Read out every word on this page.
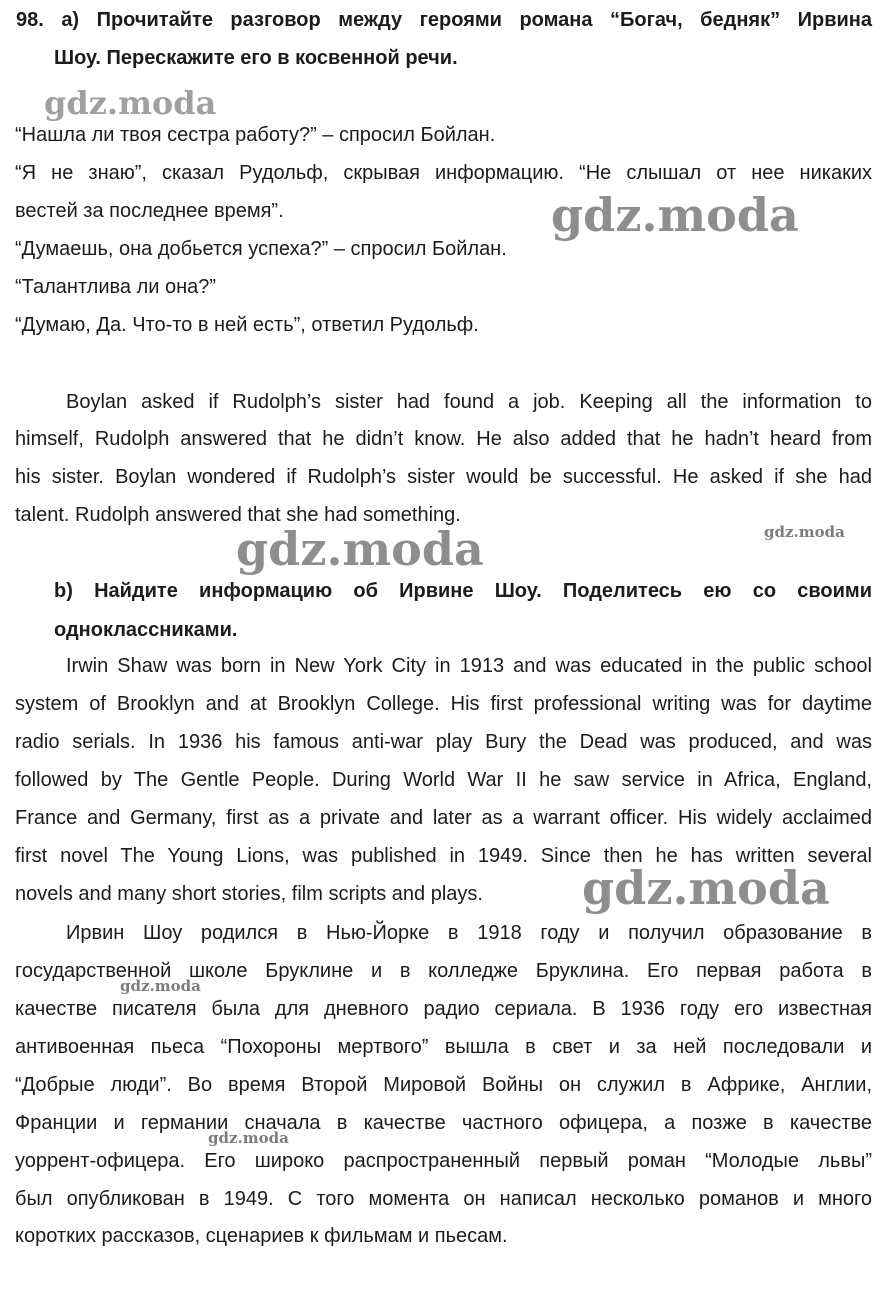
98. а) Прочитайте разговор между героями романа “Богач, бедняк” Ирвина
Шоу. Перескажите его в косвенной речи.
“Нашла ли твоя сестра работу?” – спросил Бойлан.
“Я не знаю”, сказал Рудольф, скрывая информацию. “Не слышал от нее никаких
вестей за последнее время”.
“Думаешь, она добьется успеха?” – спросил Бойлан.
“Талантлива ли она?”
“Думаю, Да. Что-то в ней есть”, ответил Рудольф.
Boylan asked if Rudolph’s sister had found a job. Keeping all the information to
himself, Rudolph answered that he didn’t know. He also added that he hadn’t heard from
his sister. Boylan wondered if Rudolph’s sister would be successful. He asked if she had
talent. Rudolph answered that she had something.
b) Найдите информацию об Ирвине Шоу. Поделитесь ею со своими
одноклассниками.
Irwin Shaw was born in New York City in 1913 and was educated in the public school
system of Brooklyn and at Brooklyn College. His first professional writing was for daytime
radio serials. In 1936 his famous anti-war play Bury the Dead was produced, and was
followed by The Gentle People. During World War II he saw service in Africa, England,
France and Germany, first as a private and later as a warrant officer. His widely acclaimed
first novel The Young Lions, was published in 1949. Since then he has written several
novels and many short stories, film scripts and plays.
Ирвин Шоу родился в Нью-Йорке в 1918 году и получил образование в
государственной школе Бруклине и в колледже Бруклина. Его первая работа в
качестве писателя была для дневного радио сериала. В 1936 году его известная
антивоенная пьеса “Похороны мертвого” вышла в свет и за ней последовали и
“Добрые люди”. Во время Второй Мировой Войны он служил в Африке, Англии,
Франции и германии сначала в качестве частного офицера, а позже в качестве
уоррент-офицера. Его широко распространенный первый роман “Молодые львы”
был опубликован в 1949. С того момента он написал несколько романов и много
коротких рассказов, сценариев к фильмам и пьесам.
gdz.moda
gdz.moda
gdz.moda	gdz.moda
gdz.moda
gdz.moda
gdz.moda
